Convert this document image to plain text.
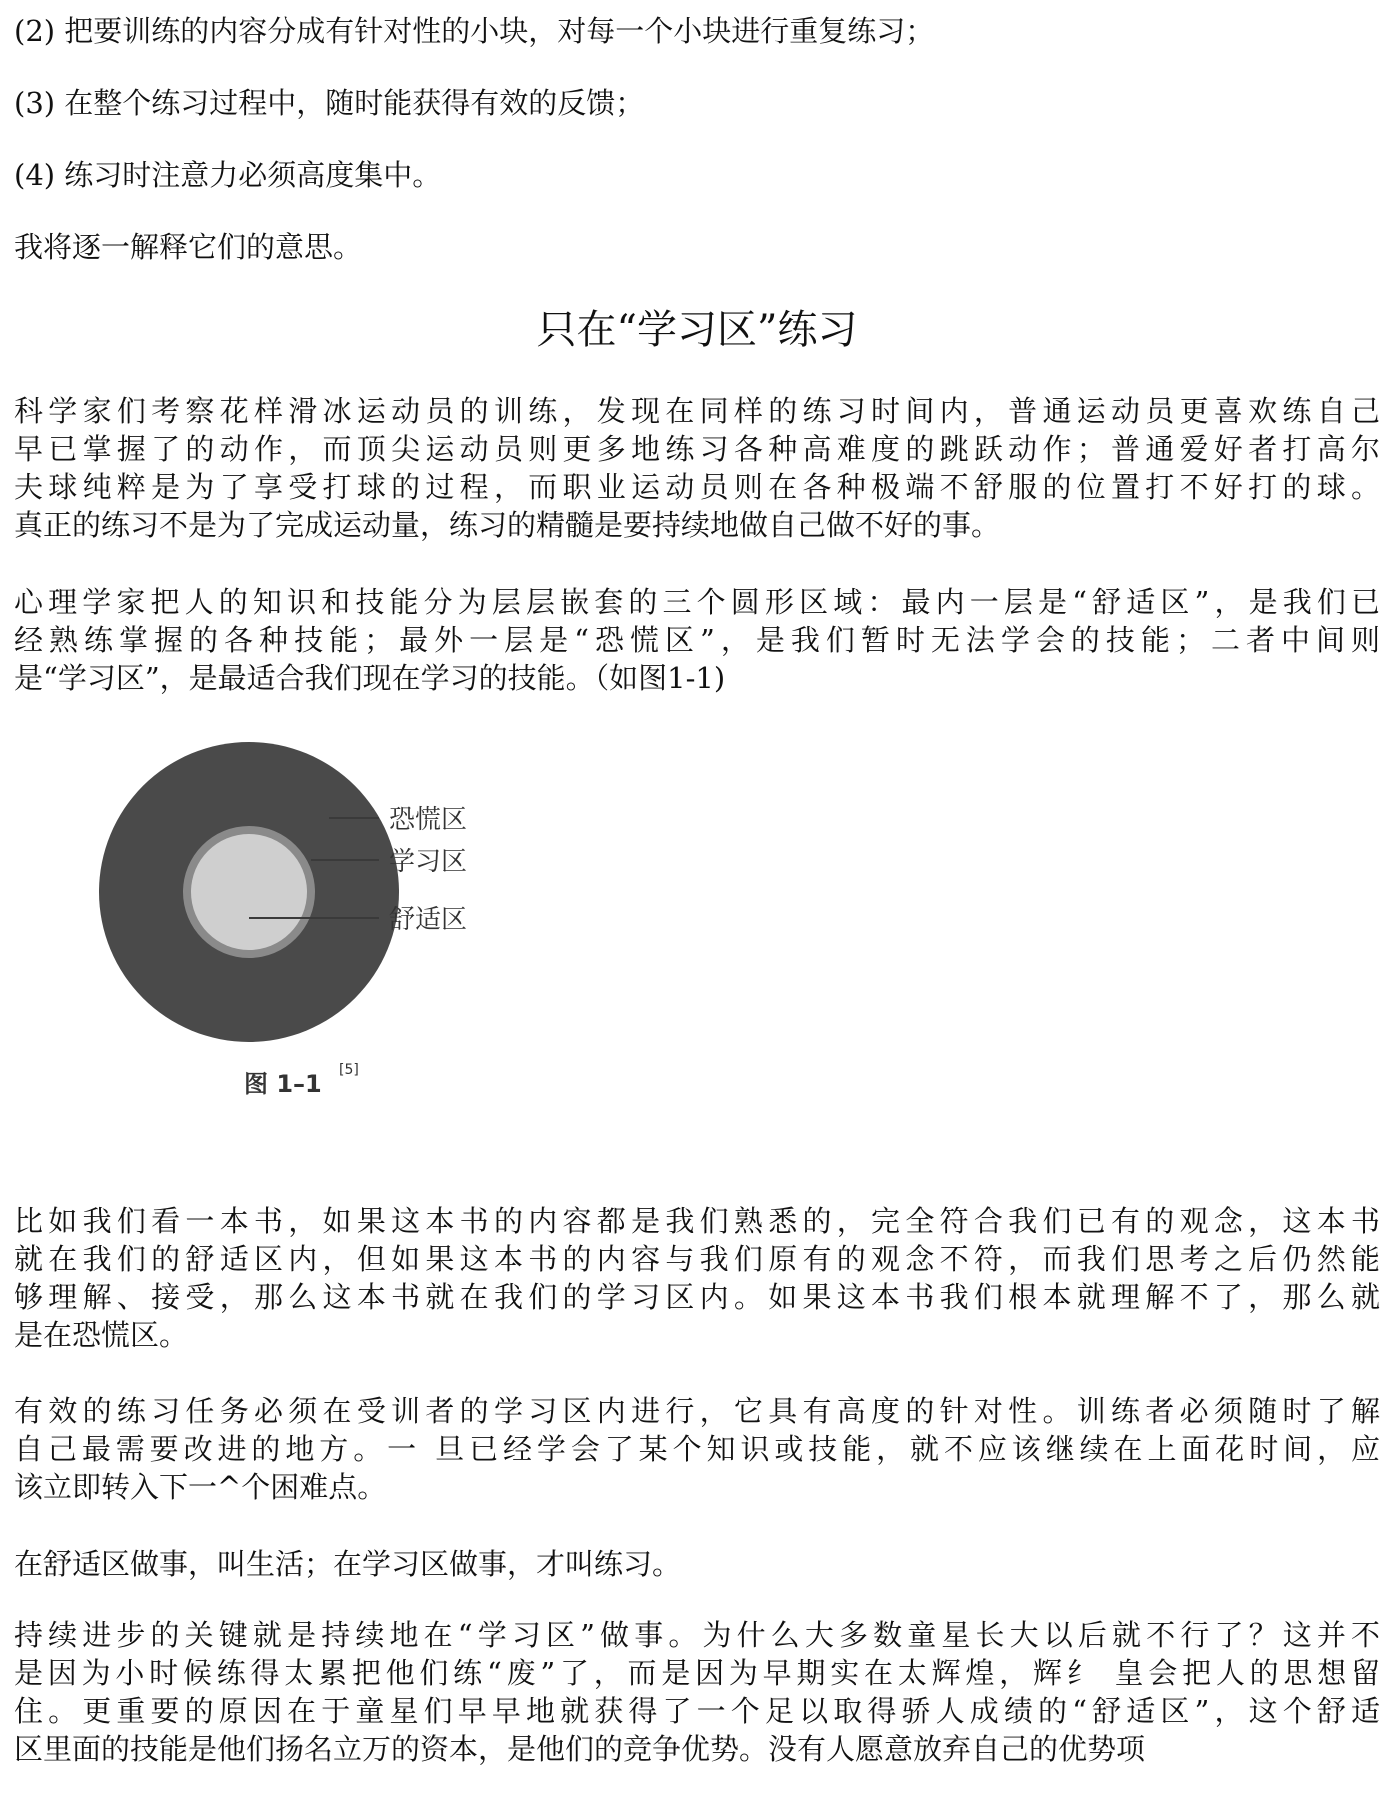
(2) 把要训练的内容分成有针对性的小块，对每一个小块进行重复练习；
(3) 在整个练习过程中，随时能获得有效的反馈；
(4) 练习时注意力必须高度集中。
我将逐一解释它们的意思。
只在“学习区”练习
科学家们考察花样滑冰运动员的训练，发现在同样的练习时间内，普通运动员更喜欢练自己
早已掌握了的动作，而顶尖运动员则更多地练习各种高难度的跳跃动作；普通爱好者打高尔
夫球纯粹是为了享受打球的过程，而职业运动员则在各种极端不舒服的位置打不好打的球。
真正的练习不是为了完成运动量，练习的精髓是要持续地做自己做不好的事。
心理学家把人的知识和技能分为层层嵌套的三个圆形区域：最内一层是“舒适区”，是我们已
经熟练掌握的各种技能；最外一层是“恐慌区”，是我们暂时无法学会的技能；二者中间则
是“学习区”，是最适合我们现在学习的技能。（如图1-1)
恐慌区
学习区
舒适区
图 1–1 [5]
比如我们看一本书，如果这本书的内容都是我们熟悉的，完全符合我们已有的观念，这本书
就在我们的舒适区内，但如果这本书的内容与我们原有的观念不符，而我们思考之后仍然能
够理解、接受，那么这本书就在我们的学习区内。如果这本书我们根本就理解不了，那么就
是在恐慌区。
有效的练习任务必须在受训者的学习区内进行，它具有高度的针对性。训练者必须随时了解
自己最需要改进的地方。一 旦已经学会了某个知识或技能，就不应该继续在上面花时间，应
该立即转入下一^个困难点。
在舒适区做事，叫生活；在学习区做事，才叫练习。
持续进步的关键就是持续地在“学习区”做事。为什么大多数童星长大以后就不行了？这并不
是因为小时候练得太累把他们练“废”了，而是因为早期实在太辉煌，辉纟 皇会把人的思想留
住。更重要的原因在于童星们早早地就获得了一个足以取得骄人成绩的“舒适区”，这个舒适
区里面的技能是他们扬名立万的资本，是他们的竞争优势。没有人愿意放弃自己的优势项
